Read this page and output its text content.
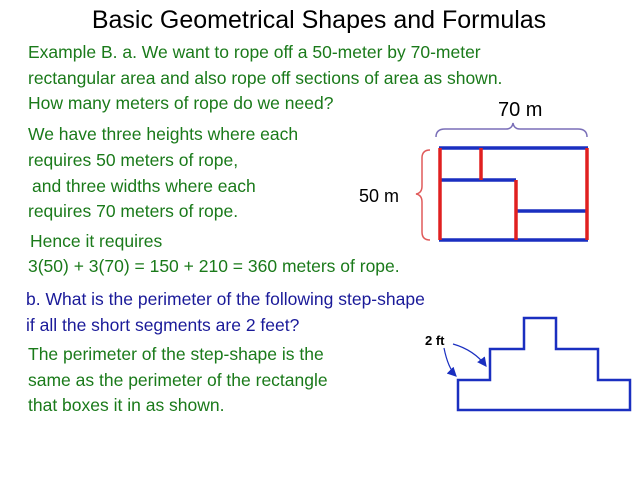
Basic Geometrical Shapes and Formulas
Example B. a. We want to rope off a 50-meter by 70-meter
rectangular area and also rope off sections of area as shown.
How many meters of rope do we need?
We have three heights where each
requires 50 meters of rope,
and three widths where each
requires 70 meters of rope.
Hence it requires
3(50) + 3(70) = 150 + 210 = 360 meters of rope.
70 m
50 m
b. What is the perimeter of the following step-shape
if all the short segments are 2 feet?
The perimeter of the step-shape is the
same as the perimeter of the rectangle
that boxes it in as shown.
2 ft
